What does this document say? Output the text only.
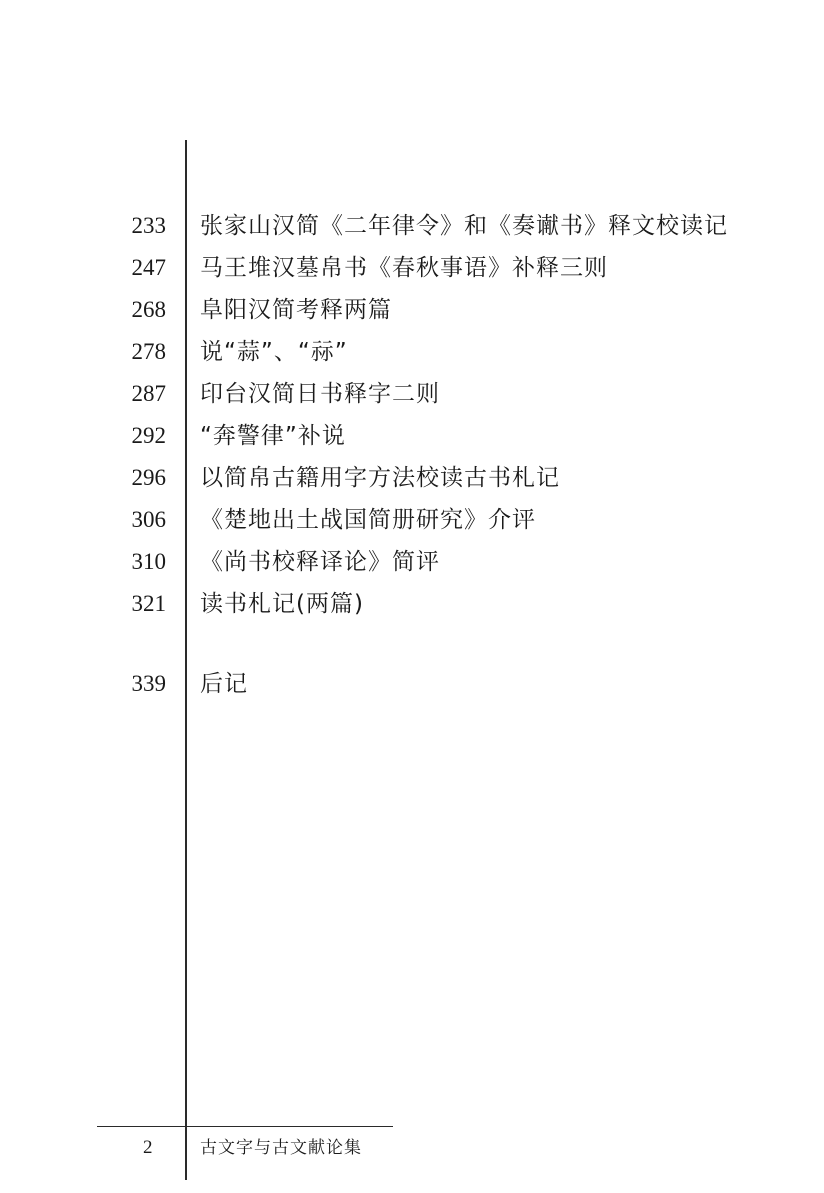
233 张家山汉简《二年律令》和《奏谳书》释文校读记
247 马王堆汉墓帛书《春秋事语》补释三则
268 阜阳汉简考释两篇
278 说“蒜”、“祘”
287 印台汉简日书释字二则
292 “奔警律”补说
296 以简帛古籍用字方法校读古书札记
306 《楚地出土战国简册研究》介评
310 《尚书校释译论》简评
321 读书札记(两篇)
339 后记
2	古文字与古文献论集
